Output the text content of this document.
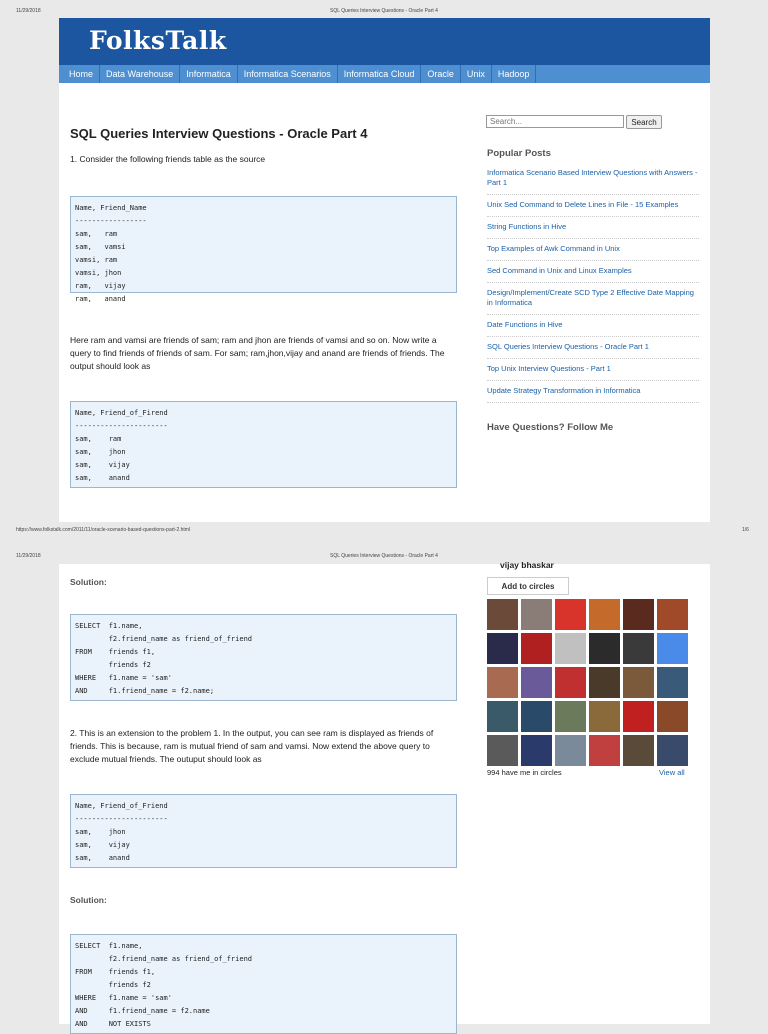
11/29/2018	SQL Queries Interview Questions - Oracle Part 4
FolksTalk
Home	Data Warehouse	Informatica	Informatica Scenarios	Informatica Cloud	Oracle	Unix	Hadoop
SQL Queries Interview Questions - Oracle Part 4
1. Consider the following friends table as the source
Name, Friend_Name
-----------------
sam,   ram
sam,   vamsi
vamsi, ram
vamsi, jhon
ram,   vijay
ram,   anand
Here ram and vamsi are friends of sam; ram and jhon are friends of vamsi and so on. Now write a query to find friends of friends of sam. For sam; ram,jhon,vijay and anand are friends of friends. The output should look as
Name, Friend_of_Firend
----------------------
sam,    ram
sam,    jhon
sam,    vijay
sam,    anand
Search...
Search
Popular Posts
Informatica Scenario Based Interview Questions with Answers - Part 1
Unix Sed Command to Delete Lines in File - 15 Examples
String Functions in Hive
Top Examples of Awk Command in Unix
Sed Command in Unix and Linux Examples
Design/Implement/Create SCD Type 2 Effective Date Mapping in Informatica
Date Functions in Hive
SQL Queries Interview Questions - Oracle Part 1
Top Unix Interview Questions - Part 1
Update Strategy Transformation in Informatica
Have Questions? Follow Me
https://www.folkstalk.com/2011/11/oracle-scenario-based-questions-part-2.html	1/6
11/29/2018	SQL Queries Interview Questions - Oracle Part 4
Solution:
SELECT  f1.name,
f2.friend_name as friend_of_friend
FROM    friends f1,
friends f2
WHERE   f1.name = 'sam'
AND     f1.friend_name = f2.name;
2. This is an extension to the problem 1. In the output, you can see ram is displayed as friends of friends. This is because, ram is mutual friend of sam and vamsi. Now extend the above query to exclude mutual friends. The outuput should look as
Name, Friend_of_Friend
----------------------
sam,    jhon
sam,    vijay
sam,    anand
Solution:
SELECT  f1.name,
f2.friend_name as friend_of_friend
FROM    friends f1,
friends f2
WHERE   f1.name = 'sam'
AND     f1.friend_name = f2.name
AND     NOT EXISTS
vijay bhaskar
Add to circles
994 have me in circles	View all
